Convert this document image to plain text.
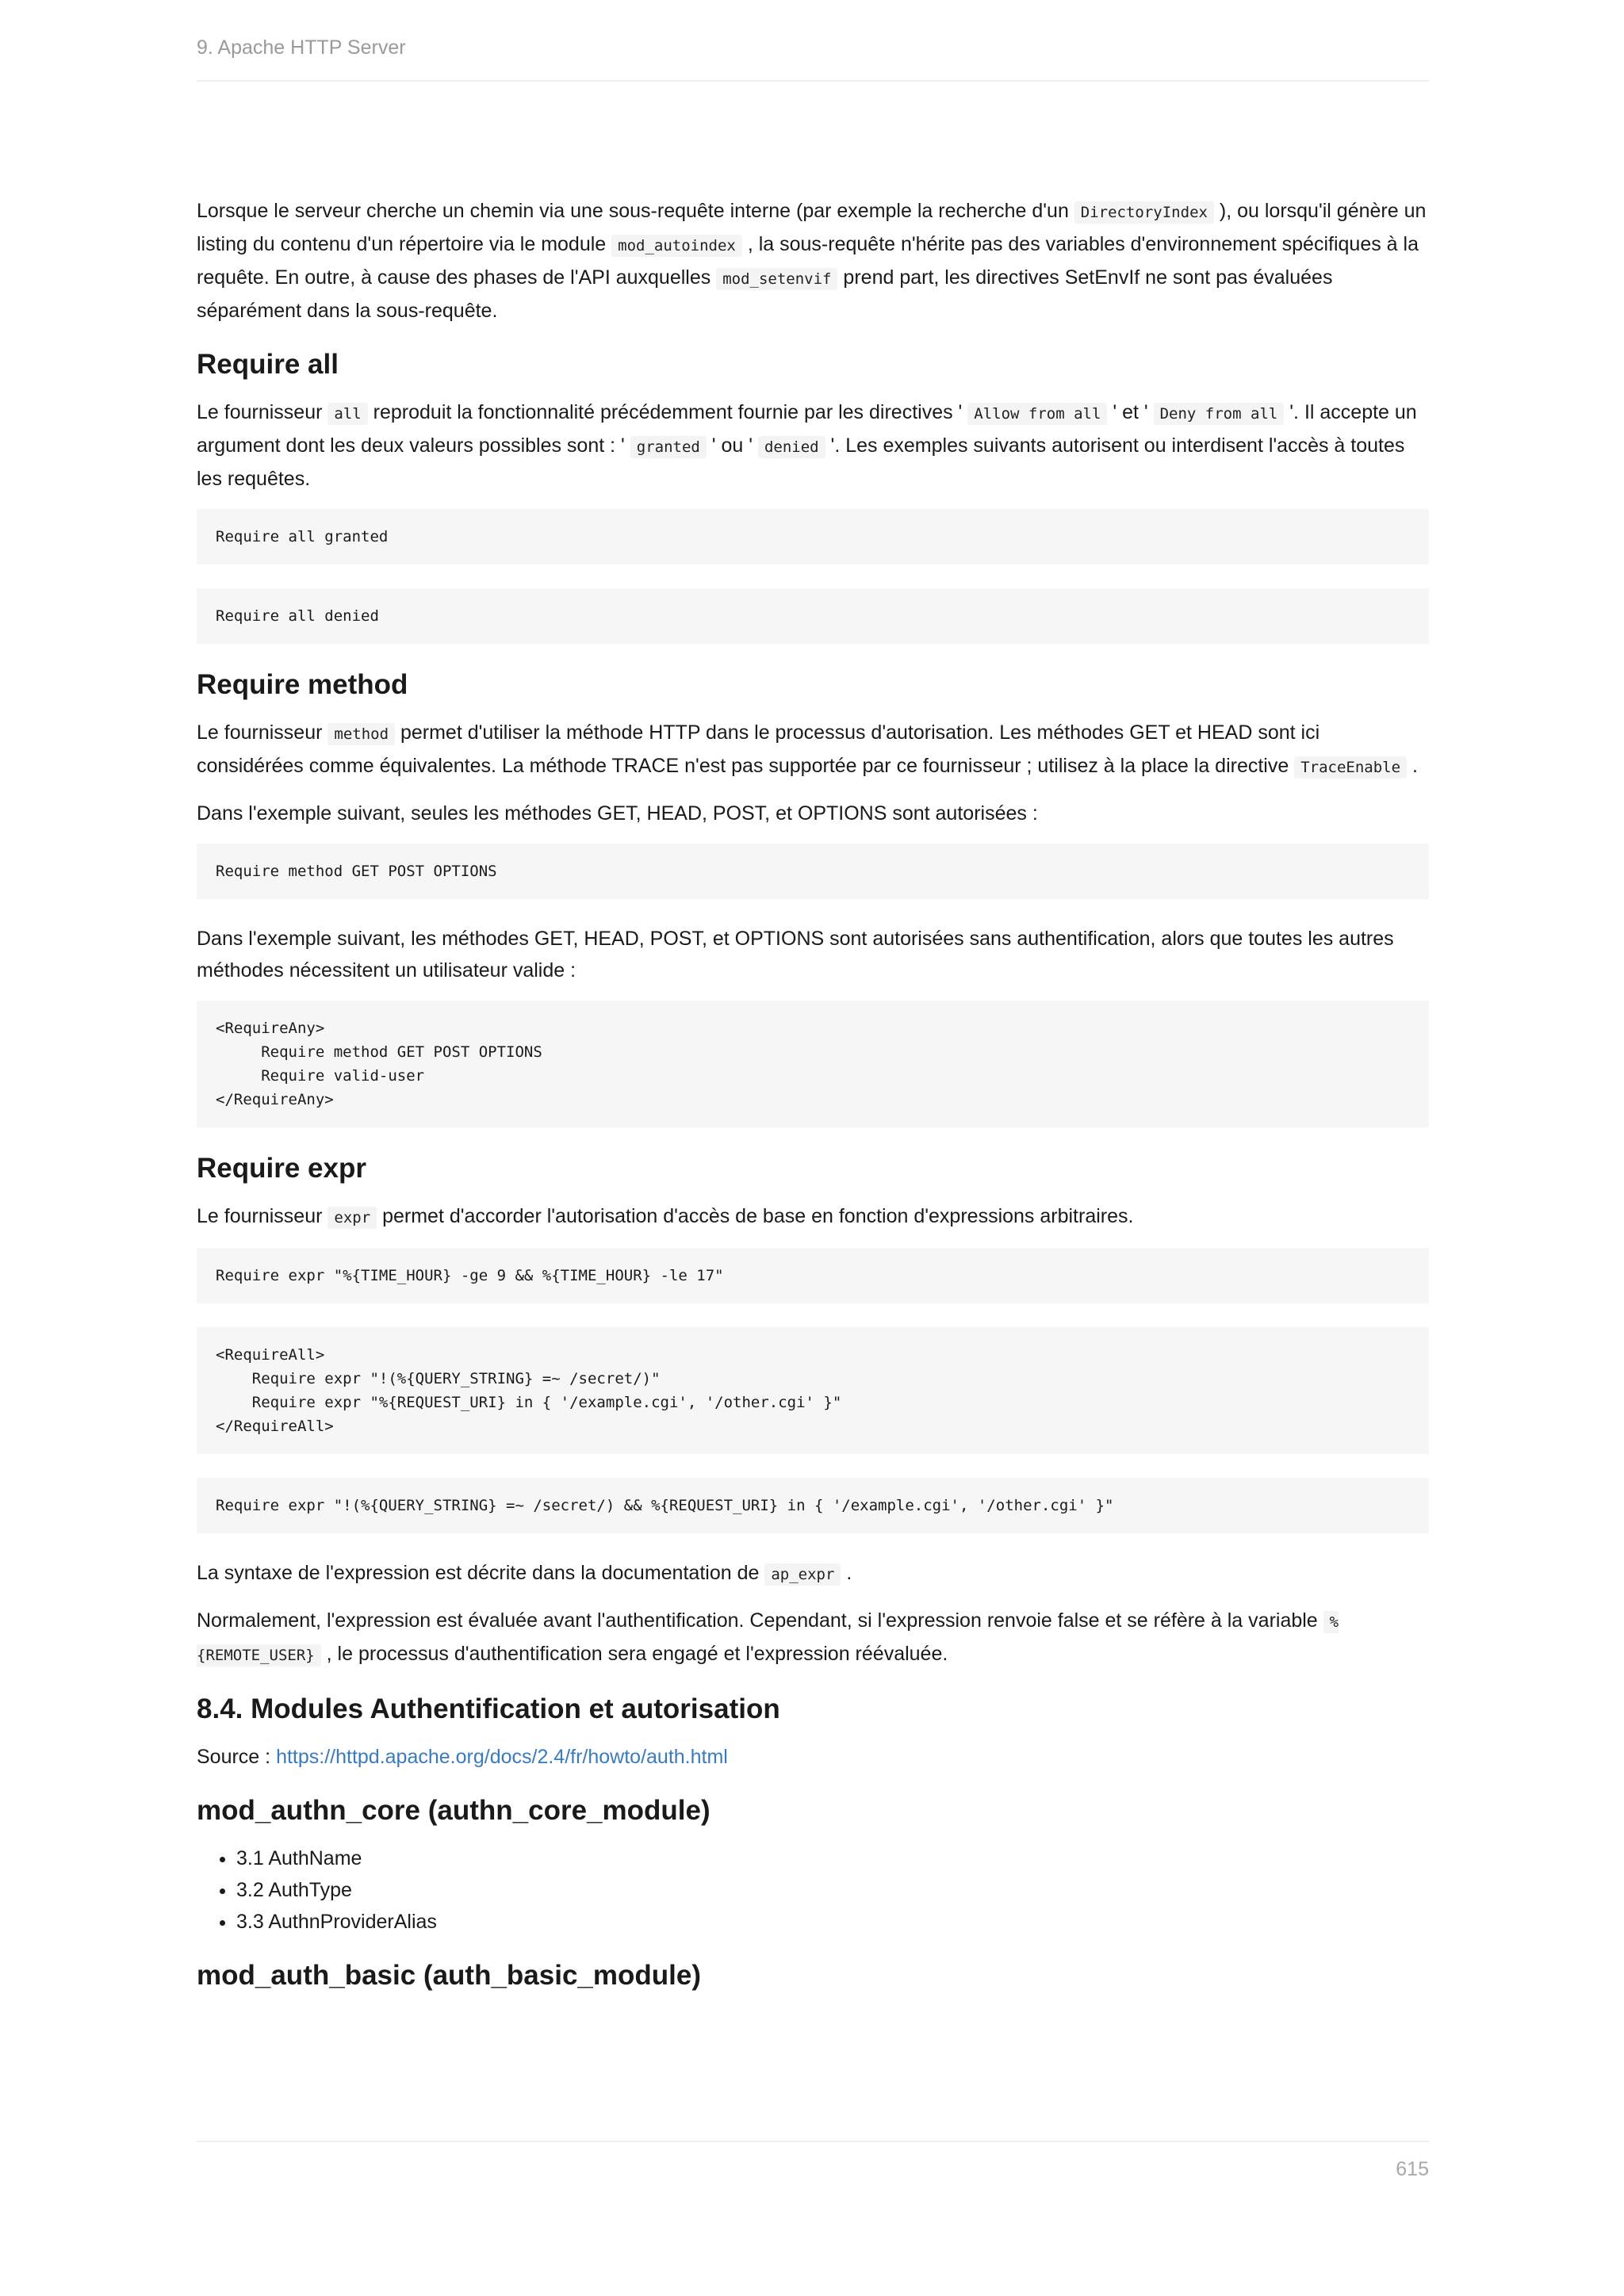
9. Apache HTTP Server

Lorsque le serveur cherche un chemin via une sous-requête interne (par exemple la recherche d'un DirectoryIndex ), ou lorsqu'il génère un listing du contenu d'un répertoire via le module mod_autoindex , la sous-requête n'hérite pas des variables d'environnement spécifiques à la requête. En outre, à cause des phases de l'API auxquelles mod_setenvif prend part, les directives SetEnvIf ne sont pas évaluées séparément dans la sous-requête.

Require all

Le fournisseur all reproduit la fonctionnalité précédemment fournie par les directives ' Allow from all ' et ' Deny from all '. Il accepte un argument dont les deux valeurs possibles sont : ' granted ' ou ' denied '. Les exemples suivants autorisent ou interdisent l'accès à toutes les requêtes.

Require all granted
Require all denied
Require method

Le fournisseur method permet d'utiliser la méthode HTTP dans le processus d'autorisation. Les méthodes GET et HEAD sont ici considérées comme équivalentes. La méthode TRACE n'est pas supportée par ce fournisseur ; utilisez à la place la directive TraceEnable .

Dans l'exemple suivant, seules les méthodes GET, HEAD, POST, et OPTIONS sont autorisées :

Require method GET POST OPTIONS

Dans l'exemple suivant, les méthodes GET, HEAD, POST, et OPTIONS sont autorisées sans authentification, alors que toutes les autres méthodes nécessitent un utilisateur valide :

<RequireAny>
Require method GET POST OPTIONS
Require valid-user
</RequireAny>
Require expr

Le fournisseur expr permet d'accorder l'autorisation d'accès de base en fonction d'expressions arbitraires.

Require expr "%{TIME_HOUR} -ge 9 && %{TIME_HOUR} -le 17"
<RequireAll>
Require expr "!(%{QUERY_STRING} =~ /secret/)"
Require expr "%{REQUEST_URI} in { '/example.cgi', '/other.cgi' }"
</RequireAll>
Require expr "!(%{QUERY_STRING} =~ /secret/) && %{REQUEST_URI} in { '/example.cgi', '/other.cgi' }"

La syntaxe de l'expression est décrite dans la documentation de ap_expr .

Normalement, l'expression est évaluée avant l'authentification. Cependant, si l'expression renvoie false et se réfère à la variable %{REMOTE_USER} , le processus d'authentification sera engagé et l'expression réévaluée.

8.4. Modules Authentification et autorisation

Source : https://httpd.apache.org/docs/2.4/fr/howto/auth.html

mod_authn_core (authn_core_module)
• 3.1 AuthName
• 3.2 AuthType
• 3.3 AuthnProviderAlias
mod_auth_basic (auth_basic_module)
615
